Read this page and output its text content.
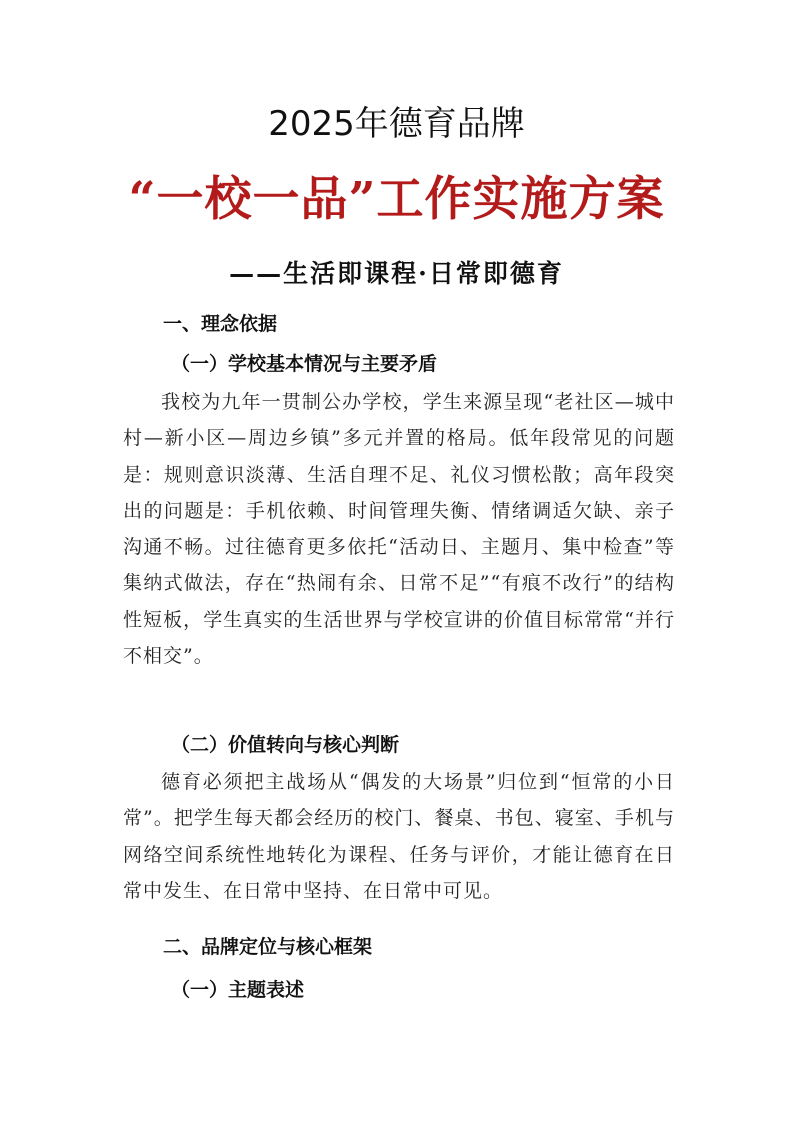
2025年德育品牌
“一校一品”工作实施方案
——生活即课程·日常即德育
一、理念依据
（一）学校基本情况与主要矛盾

我校为九年一贯制公办学校，学生来源呈现“老社区—城中村—新小区—周边乡镇”多元并置的格局。低年段常见的问题是：规则意识淡薄、生活自理不足、礼仪习惯松散；高年段突出的问题是：手机依赖、时间管理失衡、情绪调适欠缺、亲子沟通不畅。过往德育更多依托“活动日、主题月、集中检查”等集纳式做法，存在“热闹有余、日常不足”“有痕不改行”的结构性短板，学生真实的生活世界与学校宣讲的价值目标常常“并行不相交”。

（二）价值转向与核心判断

德育必须把主战场从“偶发的大场景”归位到“恒常的小日常”。把学生每天都会经历的校门、餐桌、书包、寝室、手机与网络空间系统性地转化为课程、任务与评价，才能让德育在日常中发生、在日常中坚持、在日常中可见。

二、品牌定位与核心框架
（一）主题表述
